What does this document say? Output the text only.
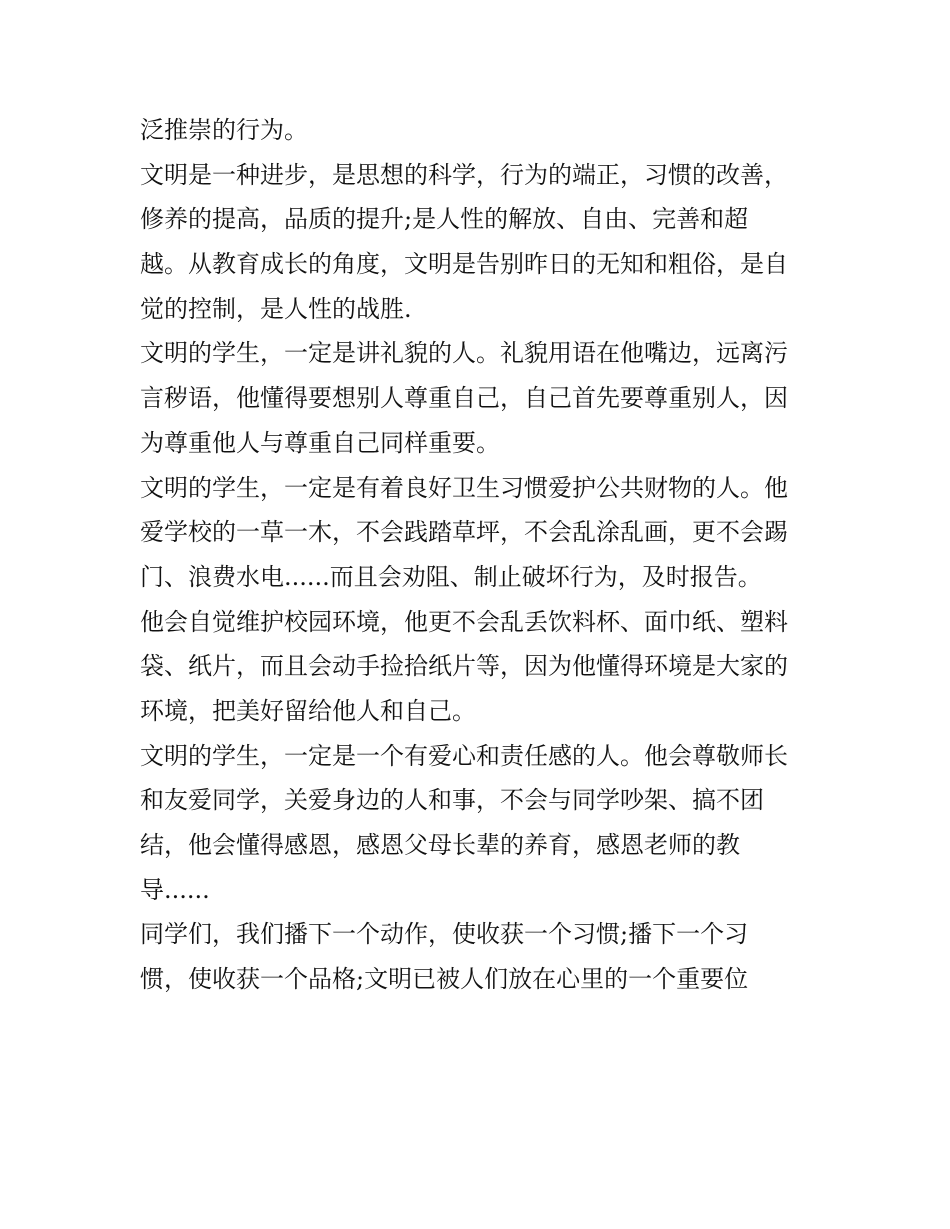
泛推崇的行为。
文明是一种进步，是思想的科学，行为的端正，习惯的改善，
修养的提高，品质的提升;是人性的解放、自由、完善和超
越。从教育成长的角度，文明是告别昨日的无知和粗俗，是自
觉的控制，是人性的战胜.
文明的学生，一定是讲礼貌的人。礼貌用语在他嘴边，远离污
言秽语，他懂得要想别人尊重自己，自己首先要尊重别人，因
为尊重他人与尊重自己同样重要。
文明的学生，一定是有着良好卫生习惯爱护公共财物的人。他
爱学校的一草一木，不会践踏草坪，不会乱涂乱画，更不会踢
门、浪费水电......而且会劝阻、制止破坏行为，及时报告。
他会自觉维护校园环境，他更不会乱丢饮料杯、面巾纸、塑料
袋、纸片，而且会动手捡拾纸片等，因为他懂得环境是大家的
环境，把美好留给他人和自己。
文明的学生，一定是一个有爱心和责任感的人。他会尊敬师长
和友爱同学，关爱身边的人和事，不会与同学吵架、搞不团
结，他会懂得感恩，感恩父母长辈的养育，感恩老师的教
导......
同学们，我们播下一个动作，使收获一个习惯;播下一个习
惯，使收获一个品格;文明已被人们放在心里的一个重要位
